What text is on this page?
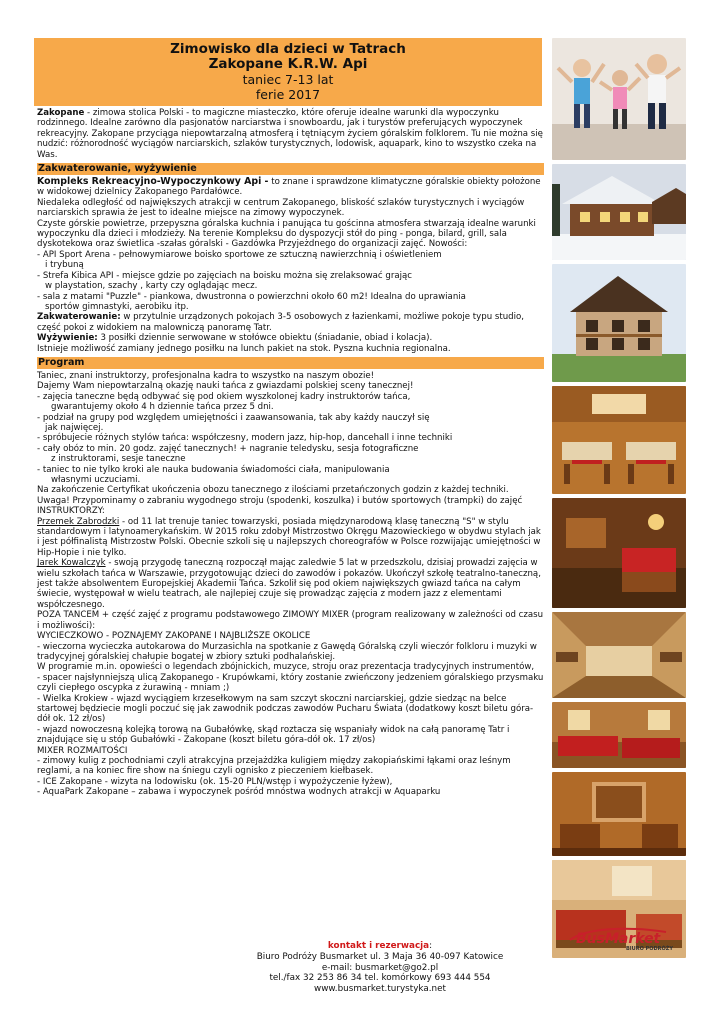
Zimowisko dla dzieci w Tatrach
Zakopane K.R.W. Api
taniec 7-13 lat
ferie 2017

Zakopane - zimowa stolica Polski - to magiczne miasteczko, które oferuje idealne warunki dla wypoczynku rodzinnego. Idealne zarówno dla pasjonatów narciarstwa i snowboardu, jak i turystów preferujących wypoczynek rekreacyjny. Zakopane przyciąga niepowtarzalną atmosferą i tętniącym życiem góralskim folklorem. Tu nie można się nudzić: różnorodność wyciągów narciarskich, szlaków turystycznych, lodowisk, aquapark, kino to wszystko czeka na Was.

Zakwaterowanie, wyżywienie

Kompleks Rekreacyjno-Wypoczynkowy Api - to znane i sprawdzone klimatyczne góralskie obiekty położone w widokowej dzielnicy Zakopanego Pardałówce.

Niedaleka odległość od największych atrakcji w centrum Zakopanego, bliskość szlaków turystycznych i wyciągów narciarskich sprawia że jest to idealne miejsce na zimowy wypoczynek.

Czyste górskie powietrze, przepyszna góralska kuchnia i panująca tu gościnna atmosfera stwarzają idealne warunki wypoczynku dla dzieci i młodzieży. Na terenie Kompleksu do dyspozycji stół do ping - ponga, bilard, grill, sala dyskotekowa oraz świetlica -szałas góralski - Gazdówka Przyjeżdnego do organizacji zajęć. Nowości:

- API Sport Arena - pełnowymiarowe boisko sportowe ze sztuczną nawierzchnią i oświetleniem

i trybuną

- Strefa Kibica API - miejsce gdzie po zajęciach na boisku można się zrelaksować grając

w playstation, szachy , karty czy oglądając mecz.

- sala z matami "Puzzle" - piankowa, dwustronna o powierzchni około 60 m2! Idealna do uprawiania

sportów gimnastyki, aerobiku itp.

Zakwaterowanie: w przytulnie urządzonych pokojach 3-5 osobowych z łazienkami, możliwe pokoje typu studio, część pokoi z widokiem na malowniczą panoramę Tatr.

Wyżywienie: 3 posiłki dziennie serwowane w stołówce obiektu (śniadanie, obiad i kolacja).

Istnieje możliwość zamiany jednego posiłku na lunch pakiet na stok. Pyszna kuchnia regionalna.

Program

Taniec, znani instruktorzy, profesjonalna kadra to wszystko na naszym obozie!

Dajemy Wam niepowtarzalną okazję nauki tańca z gwiazdami polskiej sceny tanecznej!

- zajęcia taneczne będą odbywać się pod okiem wyszkolonej kadry instruktorów tańca,

gwarantujemy około 4 h dziennie tańca przez 5 dni.

- podział na grupy pod względem umiejętności i zaawansowania, tak aby każdy nauczył się

jak najwięcej.

- spróbujecie różnych stylów tańca: współczesny, modern jazz, hip-hop, dancehall i inne techniki

- cały obóz to min. 20 godz. zajęć tanecznych! + nagranie teledysku, sesja fotograficzne

z instruktorami, sesje taneczne

- taniec to nie tylko kroki ale nauka budowania świadomości ciała, manipulowania

własnymi uczuciami.

Na zakończenie Certyfikat ukończenia obozu tanecznego z ilościami przetańczonych godzin z każdej techniki. Uwaga! Przypominamy o zabraniu wygodnego stroju (spodenki, koszulka) i butów sportowych (trampki) do zajęć

INSTRUKTORZY:

Przemek Zabrodzki - od 11 lat trenuje taniec towarzyski, posiada międzynarodową klasę taneczną "S" w stylu standardowym i latynoamerykańskim. W 2015 roku zdobył Mistrzostwo Okręgu Mazowieckiego w obydwu stylach jak i jest półfinalistą Mistrzostw Polski. Obecnie szkoli się u najlepszych choreografów w Polsce rozwijając umiejętności w Hip-Hopie i nie tylko.

Jarek Kowalczyk - swoją przygodę taneczną rozpoczął mając zaledwie 5 lat w przedszkolu, dzisiaj prowadzi zajęcia w wielu szkołach tańca w Warszawie, przygotowując dzieci do zawodów i pokazów. Ukończył szkołę teatralno-taneczną, jest także absolwentem Europejskiej Akademii Tańca. Szkolił się pod okiem największych gwiazd tańca na całym świecie, występował w wielu teatrach, ale najlepiej czuje się prowadząc zajęcia z modern jazz z elementami współczesnego.

POZA TANCEM + część zajęć z programu podstawowego ZIMOWY MIXER (program realizowany w zależności od czasu i możliwości):

WYCIECZKOWO - POZNAJEMY ZAKOPANE I NAJBLIŻSZE OKOLICE

- wieczorna wycieczka autokarowa do Murzasichla na spotkanie z Gawędą Góralską czyli wieczór folkloru i muzyki w tradycyjnej góralskiej chałupie bogatej w zbiory sztuki podhalańskiej.

W programie m.in. opowieści o legendach zbójnickich, muzyce, stroju oraz prezentacja tradycyjnych instrumentów,

- spacer najsłynniejszą ulicą Zakopanego - Krupówkami, który zostanie zwieńczony jedzeniem góralskiego przysmaku czyli ciepłego oscypka z żurawiną - mniam ;)

- Wielka Krokiew - wjazd wyciągiem krzesełkowym na sam szczyt skoczni narciarskiej, gdzie siedząc na belce startowej będziecie mogli poczuć się jak zawodnik podczas zawodów Pucharu Świata (dodatkowy koszt biletu góra-dół ok. 12 zł/os)

- wjazd nowoczesną kolejką torową na Gubałówkę, skąd roztacza się wspaniały widok na całą panoramę Tatr i znajdujące się u stóp Gubałówki - Zakopane (koszt biletu góra-dół ok. 17 zł/os)

MIXER ROZMAITOŚCI

- zimowy kulig z pochodniami czyli atrakcyjna przejażdżka kuligiem między zakopiańskimi łąkami oraz leśnym reglami, a na koniec fire show na śniegu czyli ognisko z pieczeniem kiełbasek.

- ICE Zakopane - wizyta na lodowisku (ok. 15-20 PLN/wstęp i wypożyczenie łyżew),

- AquaPark Zakopane – zabawa i wypoczynek pośród mnóstwa wodnych atrakcji w Aquaparku

BusMarket
BIURO PODRÓŻY
kontakt i rezerwacja:
Biuro Podróży Busmarket ul. 3 Maja 36 40-097 Katowice
e-mail: busmarket@go2.pl
tel./fax 32 253 86 34 tel. komórkowy 693 444 554
www.busmarket.turystyka.net
